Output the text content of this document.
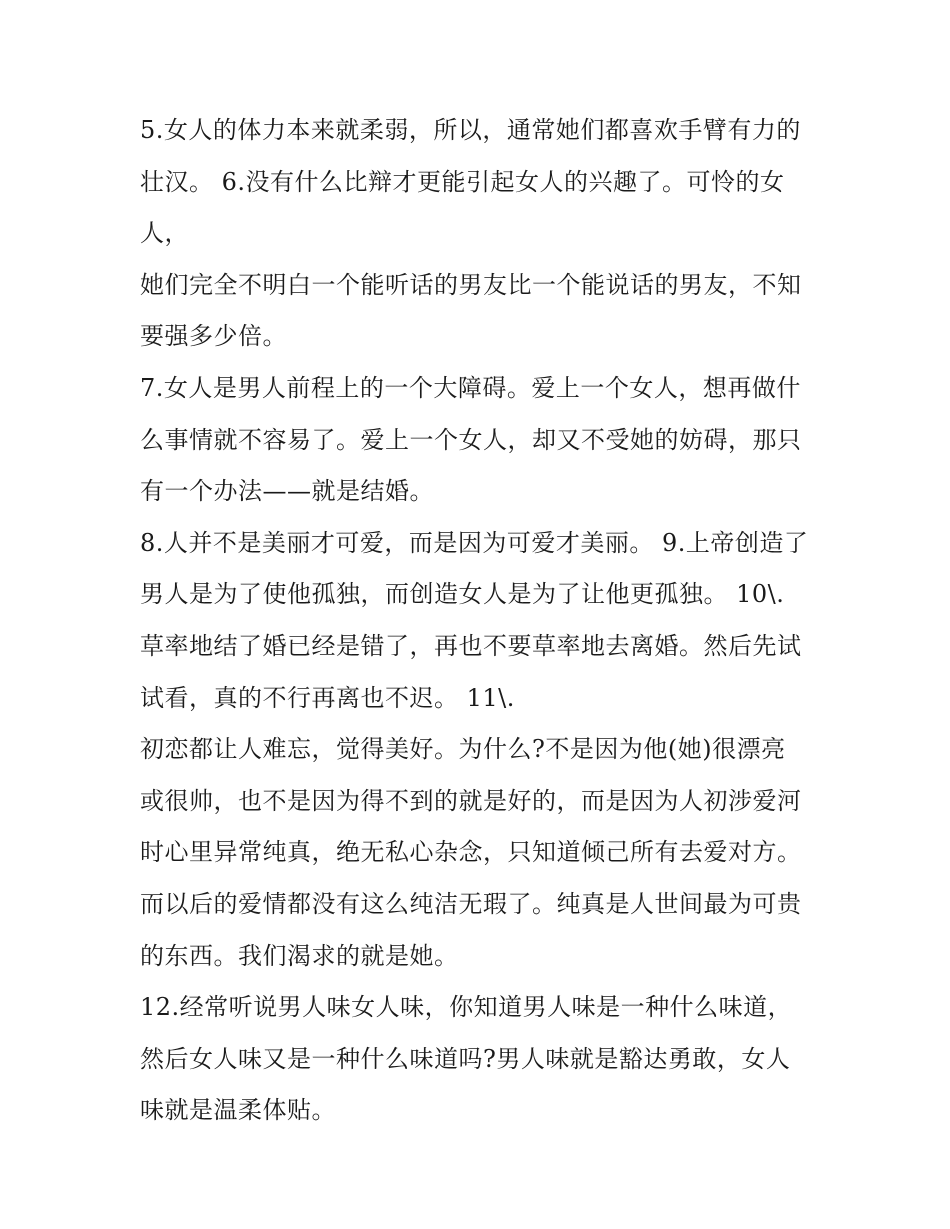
5.女人的体力本来就柔弱，所以，通常她们都喜欢手臂有力的
壮汉。 6.没有什么比辩才更能引起女人的兴趣了。可怜的女
人，
她们完全不明白一个能听话的男友比一个能说话的男友，不知
要强多少倍。
7.女人是男人前程上的一个大障碍。爱上一个女人，想再做什
么事情就不容易了。爱上一个女人，却又不受她的妨碍，那只
有一个办法——就是结婚。
8.人并不是美丽才可爱，而是因为可爱才美丽。 9.上帝创造了
男人是为了使他孤独，而创造女人是为了让他更孤独。 10\.
草率地结了婚已经是错了，再也不要草率地去离婚。然后先试
试看，真的不行再离也不迟。 11\.
初恋都让人难忘，觉得美好。为什么?不是因为他(她)很漂亮
或很帅，也不是因为得不到的就是好的，而是因为人初涉爱河
时心里异常纯真，绝无私心杂念，只知道倾己所有去爱对方。
而以后的爱情都没有这么纯洁无瑕了。纯真是人世间最为可贵
的东西。我们渴求的就是她。
12.经常听说男人味女人味，你知道男人味是一种什么味道，
然后女人味又是一种什么味道吗?男人味就是豁达勇敢，女人
味就是温柔体贴。
